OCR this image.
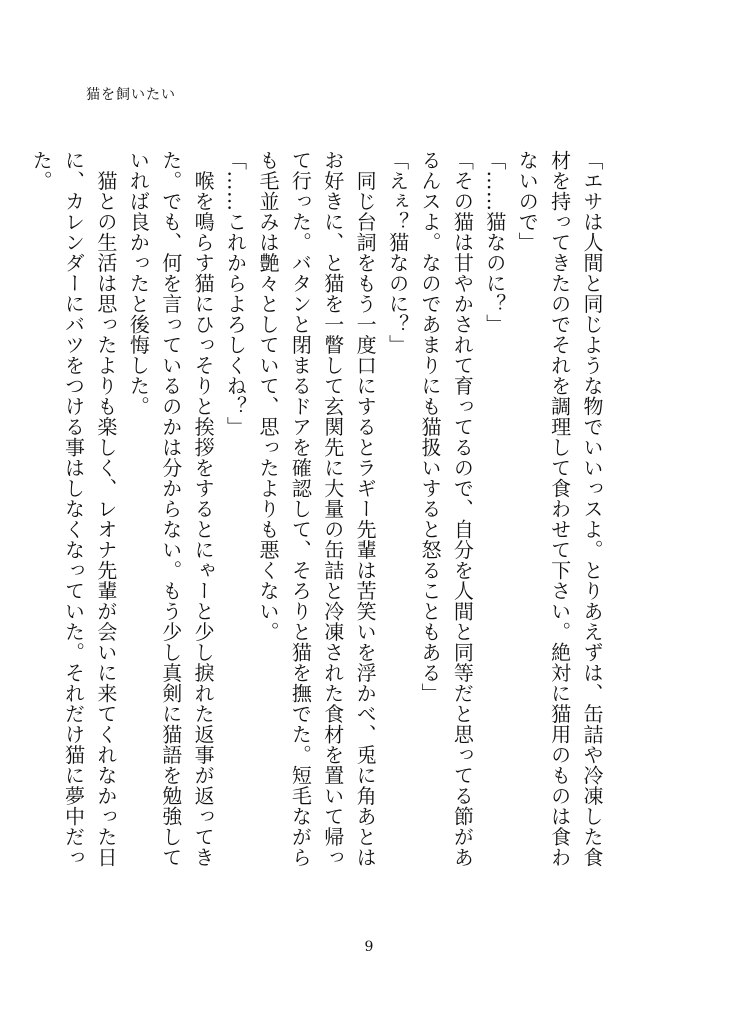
猫を飼いたい

「エサは人間と同じような物でいいっスよ。とりあえずは、缶詰や冷凍した食材を持ってきたのでそれを調理して食わせて下さい。絶対に猫用のものは食わないので」

「……猫なのに？」

「その猫は甘やかされて育ってるので、自分を人間と同等だと思ってる節があるんスよ。なのであまりにも猫扱いすると怒ることもある」

「えぇ？猫なのに？」

　同じ台詞をもう一度口にするとラギー先輩は苦笑いを浮かべ、兎に角あとはお好きに、と猫を一瞥して玄関先に大量の缶詰と冷凍された食材を置いて帰って行った。バタンと閉まるドアを確認して、そろりと猫を撫でた。短毛ながらも毛並みは艶々としていて、思ったよりも悪くない。

「……これからよろしくね？」

　喉を鳴らす猫にひっそりと挨拶をするとにゃーと少し捩れた返事が返ってきた。でも、何を言っているのかは分からない。もう少し真剣に猫語を勉強していれば良かったと後悔した。

　猫との生活は思ったよりも楽しく、レオナ先輩が会いに来てくれなかった日に、カレンダーにバツをつける事はしなくなっていた。それだけ猫に夢中だった。

9
